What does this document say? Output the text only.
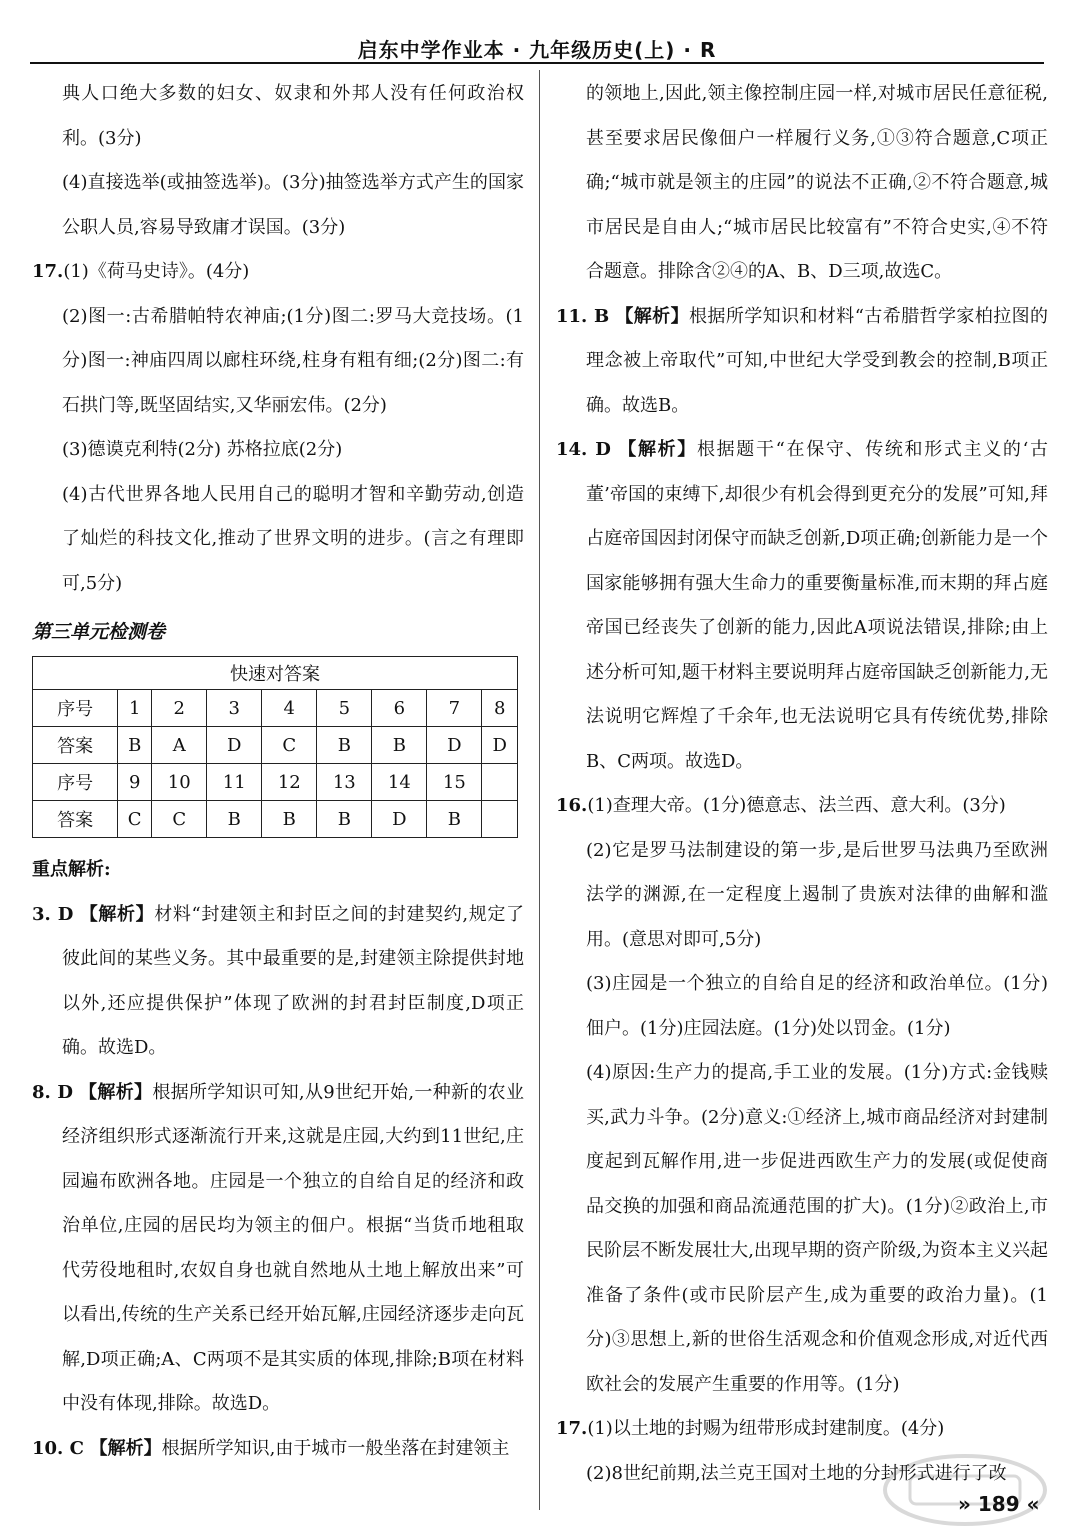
启东中学作业本 · 九年级历史(上) · R

典人口绝大多数的妇女、奴隶和外邦人没有任何政治权利。(3分)

(4)直接选举(或抽签选举)。(3分)抽签选举方式产生的国家公职人员,容易导致庸才误国。(3分)

17.(1)《荷马史诗》。(4分)

(2)图一:古希腊帕特农神庙;(1分)图二:罗马大竞技场。(1分)图一:神庙四周以廊柱环绕,柱身有粗有细;(2分)图二:有石拱门等,既坚固结实,又华丽宏伟。(2分)

(3)德谟克利特(2分) 苏格拉底(2分)

(4)古代世界各地人民用自己的聪明才智和辛勤劳动,创造了灿烂的科技文化,推动了世界文明的进步。(言之有理即可,5分)

第三单元检测卷
快速对答案								
序号	1	2	3	4	5	6	7	8
答案	B	A	D	C	B	B	D	D
序号	9	10	11	12	13	14	15	
答案	C	C	B	B	B	D	B	

重点解析:

3. D 【解析】材料“封建领主和封臣之间的封建契约,规定了彼此间的某些义务。其中最重要的是,封建领主除提供封地以外,还应提供保护”体现了欧洲的封君封臣制度,D项正确。故选D。

8. D 【解析】根据所学知识可知,从9世纪开始,一种新的农业经济组织形式逐渐流行开来,这就是庄园,大约到11世纪,庄园遍布欧洲各地。庄园是一个独立的自给自足的经济和政治单位,庄园的居民均为领主的佃户。根据“当货币地租取代劳役地租时,农奴自身也就自然地从土地上解放出来”可以看出,传统的生产关系已经开始瓦解,庄园经济逐步走向瓦解,D项正确;A、C两项不是其实质的体现,排除;B项在材料中没有体现,排除。故选D。

10. C 【解析】根据所学知识,由于城市一般坐落在封建领主

的领地上,因此,领主像控制庄园一样,对城市居民任意征税,甚至要求居民像佃户一样履行义务,①③符合题意,C项正确;“城市就是领主的庄园”的说法不正确,②不符合题意,城市居民是自由人;“城市居民比较富有”不符合史实,④不符合题意。排除含②④的A、B、D三项,故选C。

11. B 【解析】根据所学知识和材料“古希腊哲学家柏拉图的理念被上帝取代”可知,中世纪大学受到教会的控制,B项正确。故选B。

14. D 【解析】根据题干“在保守、传统和形式主义的‘古董’帝国的束缚下,却很少有机会得到更充分的发展”可知,拜占庭帝国因封闭保守而缺乏创新,D项正确;创新能力是一个国家能够拥有强大生命力的重要衡量标准,而末期的拜占庭帝国已经丧失了创新的能力,因此A项说法错误,排除;由上述分析可知,题干材料主要说明拜占庭帝国缺乏创新能力,无法说明它辉煌了千余年,也无法说明它具有传统优势,排除B、C两项。故选D。

16.(1)查理大帝。(1分)德意志、法兰西、意大利。(3分)

(2)它是罗马法制建设的第一步,是后世罗马法典乃至欧洲法学的渊源,在一定程度上遏制了贵族对法律的曲解和滥用。(意思对即可,5分)

(3)庄园是一个独立的自给自足的经济和政治单位。(1分)佃户。(1分)庄园法庭。(1分)处以罚金。(1分)

(4)原因:生产力的提高,手工业的发展。(1分)方式:金钱赎买,武力斗争。(2分)意义:①经济上,城市商品经济对封建制度起到瓦解作用,进一步促进西欧生产力的发展(或促使商品交换的加强和商品流通范围的扩大)。(1分)②政治上,市民阶层不断发展壮大,出现早期的资产阶级,为资本主义兴起准备了条件(或市民阶层产生,成为重要的政治力量)。(1分)③思想上,新的世俗生活观念和价值观念形成,对近代西欧社会的发展产生重要的作用等。(1分)

17.(1)以土地的封赐为纽带形成封建制度。(4分)

(2)8世纪前期,法兰克王国对土地的分封形式进行了改

» 189 «
